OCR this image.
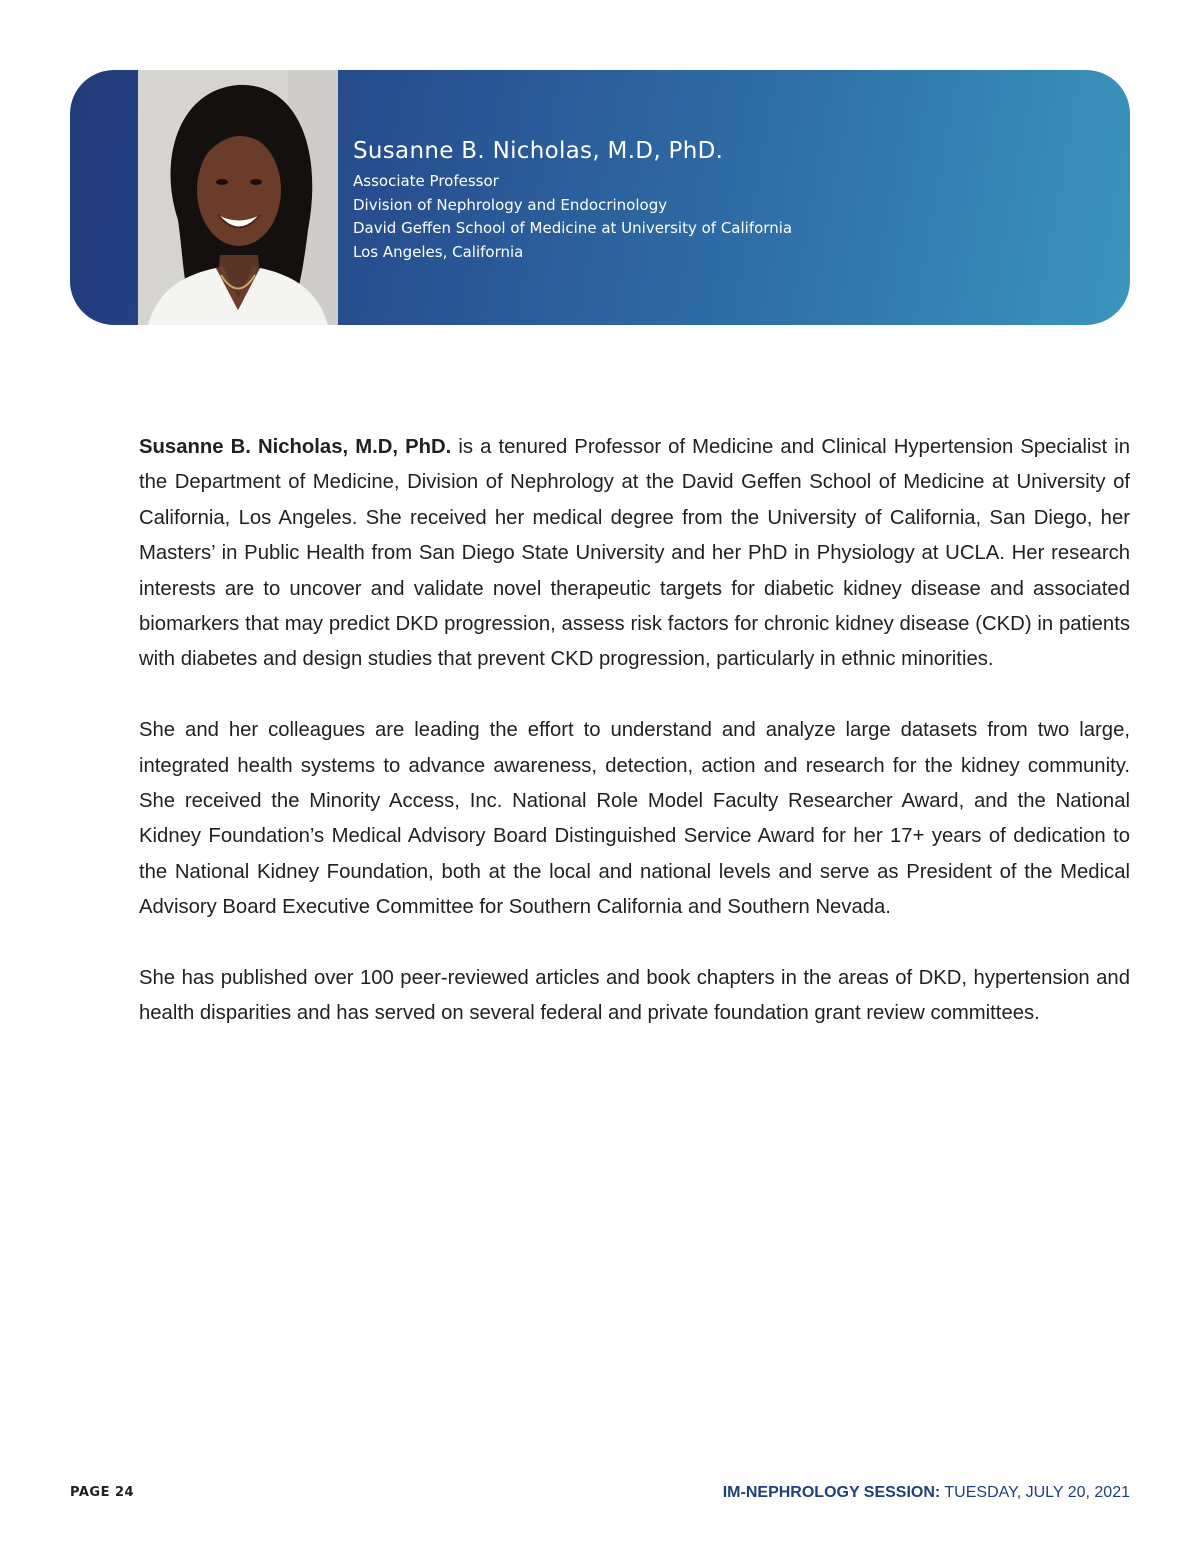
Susanne B. Nicholas, M.D, PhD.
Associate Professor
Division of Nephrology and Endocrinology
David Geffen School of Medicine at University of California
Los Angeles, California

Susanne B. Nicholas, M.D, PhD. is a tenured Professor of Medicine and Clinical Hypertension Specialist in the Department of Medicine, Division of Nephrology at the David Geffen School of Medicine at University of California, Los Angeles. She received her medical degree from the University of California, San Diego, her Masters’ in Public Health from San Diego State University and her PhD in Physiology at UCLA. Her research interests are to uncover and validate novel therapeutic targets for diabetic kidney disease and associated biomarkers that may predict DKD progression, assess risk factors for chronic kidney disease (CKD) in patients with diabetes and design studies that prevent CKD progression, particularly in ethnic minorities.

She and her colleagues are leading the effort to understand and analyze large datasets from two large, integrated health systems to advance awareness, detection, action and research for the kidney community. She received the Minority Access, Inc. National Role Model Faculty Researcher Award, and the National Kidney Foundation’s Medical Advisory Board Distinguished Service Award for her 17+ years of dedication to the National Kidney Foundation, both at the local and national levels and serve as President of the Medical Advisory Board Executive Committee for Southern California and Southern Nevada.

She has published over 100 peer-reviewed articles and book chapters in the areas of DKD, hypertension and health disparities and has served on several federal and private foundation grant review committees.

PAGE 24	IM-NEPHROLOGY SESSION: TUESDAY, JULY 20, 2021
